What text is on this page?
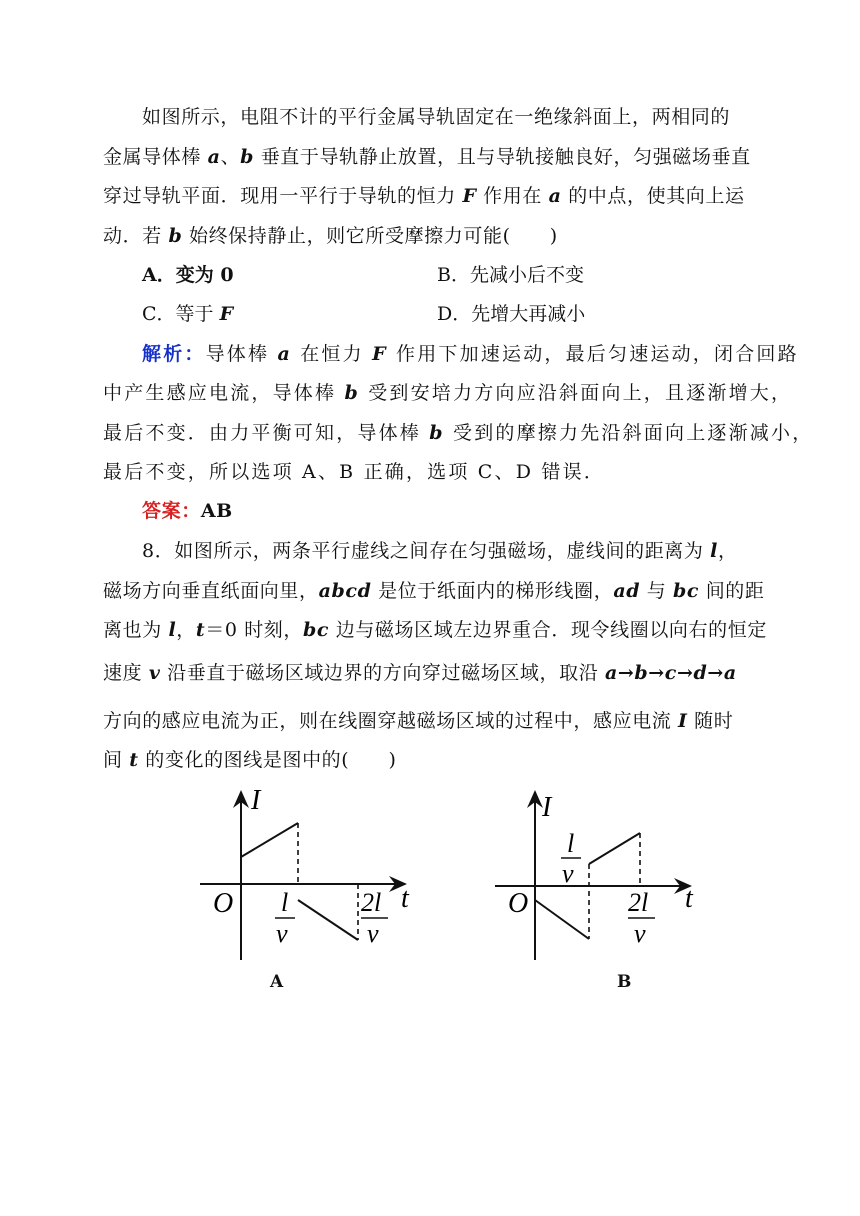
如图所示，电阻不计的平行金属导轨固定在一绝缘斜面上，两相同的
金属导体棒 a、b 垂直于导轨静止放置，且与导轨接触良好，匀强磁场垂直
穿过导轨平面．现用一平行于导轨的恒力 F 作用在 a 的中点，使其向上运
动．若 b 始终保持静止，则它所受摩擦力可能(　　)
A．变为 0	B．先减小后不变
C．等于 F	D．先增大再减小
解析：导体棒 a 在恒力 F 作用下加速运动，最后匀速运动，闭合回路
中产生感应电流，导体棒 b 受到安培力方向应沿斜面向上，且逐渐增大，
最后不变．由力平衡可知，导体棒 b 受到的摩擦力先沿斜面向上逐渐减小，
最后不变，所以选项 A、B 正确，选项 C、D 错误．
答案：AB
8．如图所示，两条平行虚线之间存在匀强磁场，虚线间的距离为 l，
磁场方向垂直纸面向里，abcd 是位于纸面内的梯形线圈，ad 与 bc 间的距
离也为 l，t＝0 时刻，bc 边与磁场区域左边界重合．现令线圈以向右的恒定
速度 v 沿垂直于磁场区域边界的方向穿过磁场区域，取沿 a→b→c→d→a
方向的感应电流为正，则在线圈穿越磁场区域的过程中，感应电流 I 随时
间 t 的变化的图线是图中的(　　)
I
t
O l
v
2l
v
A
I
t
O
l
v
2l
v
B
